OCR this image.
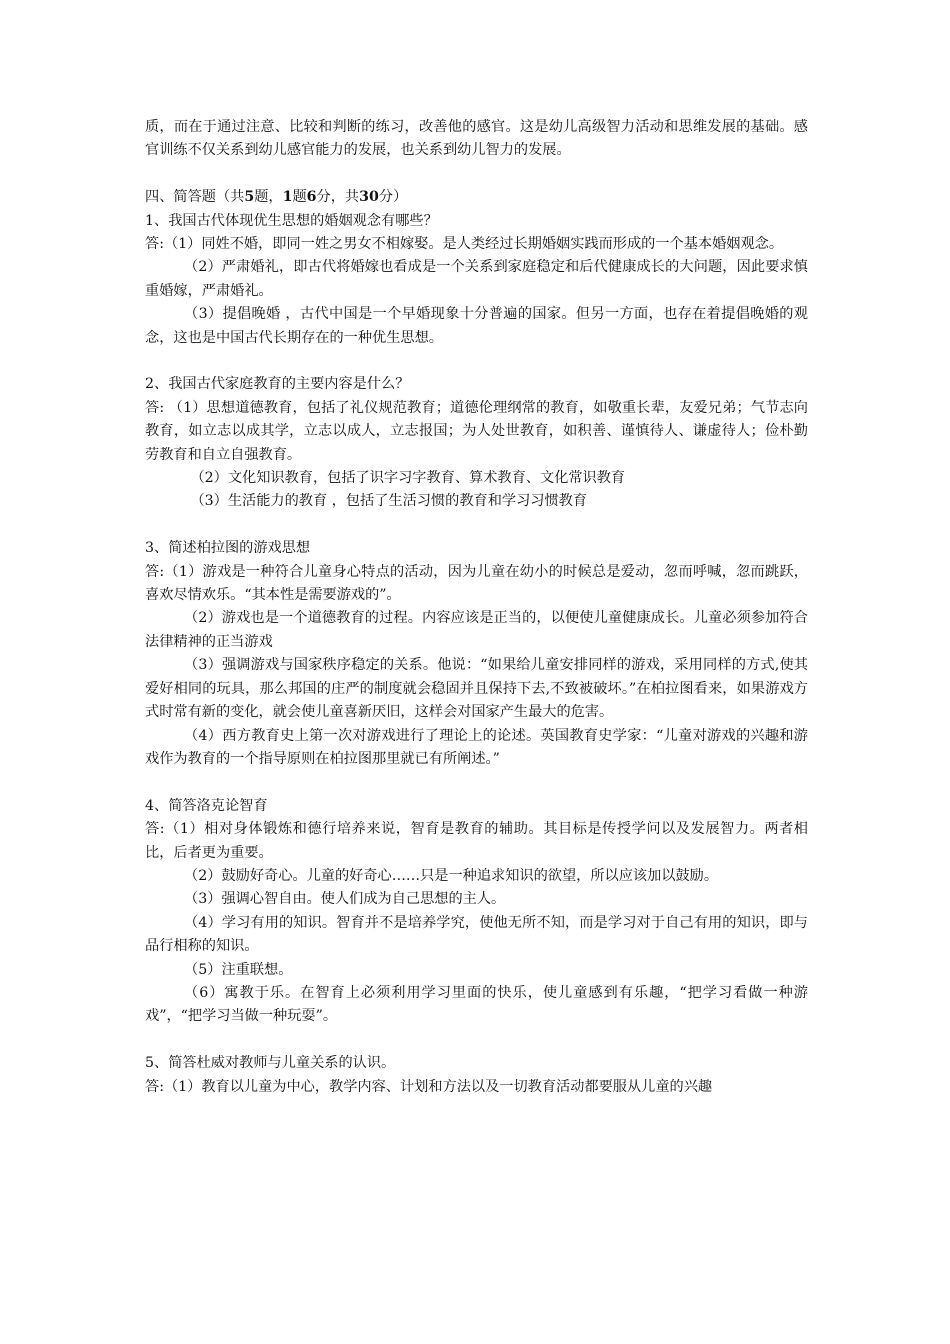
质，而在于通过注意、比较和判断的练习，改善他的感官。这是幼儿高级智力活动和思维发展的基础。感官训练不仅关系到幼儿感官能力的发展，也关系到幼儿智力的发展。

四、简答题（共5题，1题6分，共30分）

1、我国古代体现优生思想的婚姻观念有哪些？

答:（1）同姓不婚，即同一姓之男女不相嫁娶。是人类经过长期婚姻实践而形成的一个基本婚姻观念。

（2）严肃婚礼，即古代将婚嫁也看成是一个关系到家庭稳定和后代健康成长的大问题，因此要求慎重婚嫁，严肃婚礼。

（3）提倡晚婚 ，古代中国是一个早婚现象十分普遍的国家。但另一方面，也存在着提倡晚婚的观念，这也是中国古代长期存在的一种优生思想。

2、我国古代家庭教育的主要内容是什么？

答: （1）思想道德教育，包括了礼仪规范教育；道德伦理纲常的教育，如敬重长辈，友爱兄弟；气节志向教育，如立志以成其学，立志以成人，立志报国；为人处世教育，如积善、谨慎待人、谦虚待人；俭朴勤劳教育和自立自强教育。

（2）文化知识教育，包括了识字习字教育、算术教育、文化常识教育

（3）生活能力的教育 ，包括了生活习惯的教育和学习习惯教育

3、简述柏拉图的游戏思想

答:（1）游戏是一种符合儿童身心特点的活动，因为儿童在幼小的时候总是爱动，忽而呼喊，忽而跳跃，喜欢尽情欢乐。“其本性是需要游戏的”。

（2）游戏也是一个道德教育的过程。内容应该是正当的，以便使儿童健康成长。儿童必须参加符合法律精神的正当游戏

（3）强调游戏与国家秩序稳定的关系。他说：“如果给儿童安排同样的游戏，采用同样的方式,使其爱好相同的玩具，那么邦国的庄严的制度就会稳固并且保持下去,不致被破坏。”在柏拉图看来，如果游戏方式时常有新的变化，就会使儿童喜新厌旧，这样会对国家产生最大的危害。

（4）西方教育史上第一次对游戏进行了理论上的论述。英国教育史学家：“儿童对游戏的兴趣和游戏作为教育的一个指导原则在柏拉图那里就已有所阐述。”

4、简答洛克论智育

答:（1）相对身体锻炼和德行培养来说，智育是教育的辅助。其目标是传授学问以及发展智力。两者相比，后者更为重要。

（2）鼓励好奇心。儿童的好奇心……只是一种追求知识的欲望，所以应该加以鼓励。

（3）强调心智自由。使人们成为自己思想的主人。

（4）学习有用的知识。智育并不是培养学究，使他无所不知，而是学习对于自己有用的知识，即与品行相称的知识。

（5）注重联想。

（6）寓教于乐。在智育上必须利用学习里面的快乐，使儿童感到有乐趣，“把学习看做一种游戏”，“把学习当做一种玩耍”。

5、简答杜威对教师与儿童关系的认识。

答:（1）教育以儿童为中心，教学内容、计划和方法以及一切教育活动都要服从儿童的兴趣
